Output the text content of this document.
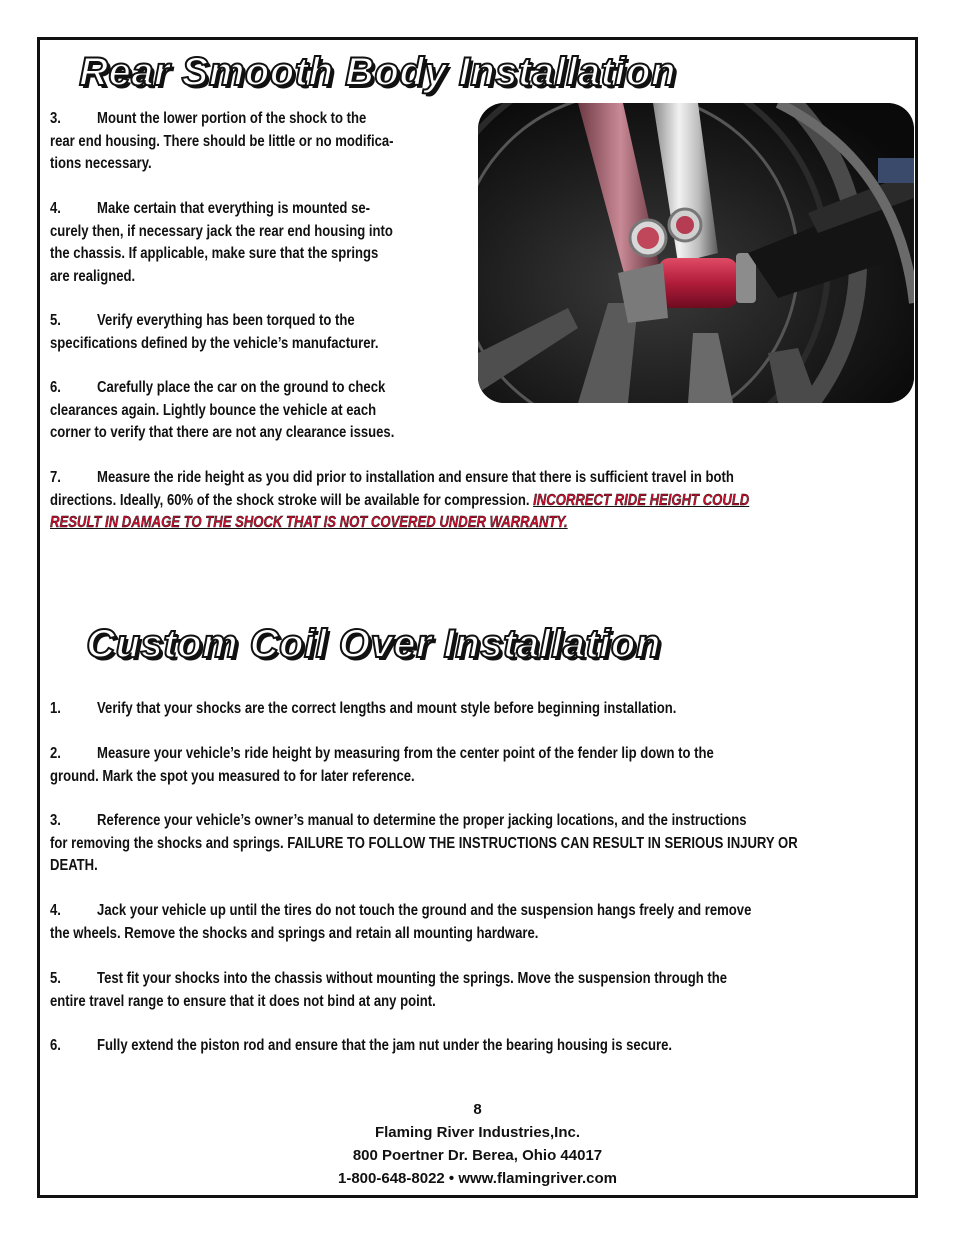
Rear Smooth Body Installation

3. Mount the lower portion of the shock to the

rear end housing. There should be little or no modifica-

tions necessary.

4. Make certain that everything is mounted se-

curely then, if necessary jack the rear end housing into

the chassis. If applicable, make sure that the springs

are realigned.

5. Verify everything has been torqued to the

specifications defined by the vehicle’s manufacturer.

6. Carefully place the car on the ground to check

clearances again. Lightly bounce the vehicle at each

corner to verify that there are not any clearance issues.

7. Measure the ride height as you did prior to installation and ensure that there is sufficient travel in both

directions. Ideally, 60% of the shock stroke will be available for compression. INCORRECT RIDE HEIGHT COULD

RESULT IN DAMAGE TO THE SHOCK THAT IS NOT COVERED UNDER WARRANTY.

Custom Coil Over Installation

1. Verify that your shocks are the correct lengths and mount style before beginning installation.

2. Measure your vehicle’s ride height by measuring from the center point of the fender lip down to the

ground. Mark the spot you measured to for later reference.

3. Reference your vehicle’s owner’s manual to determine the proper jacking locations, and the instructions

for removing the shocks and springs. FAILURE TO FOLLOW THE INSTRUCTIONS CAN RESULT IN SERIOUS INJURY OR

DEATH.

4. Jack your vehicle up until the tires do not touch the ground and the suspension hangs freely and remove

the wheels. Remove the shocks and springs and retain all mounting hardware.

5. Test fit your shocks into the chassis without mounting the springs. Move the suspension through the

entire travel range to ensure that it does not bind at any point.

6. Fully extend the piston rod and ensure that the jam nut under the bearing housing is secure.

8
Flaming River Industries,Inc.
800 Poertner Dr. Berea, Ohio 44017
1-800-648-8022 • www.flamingriver.com
